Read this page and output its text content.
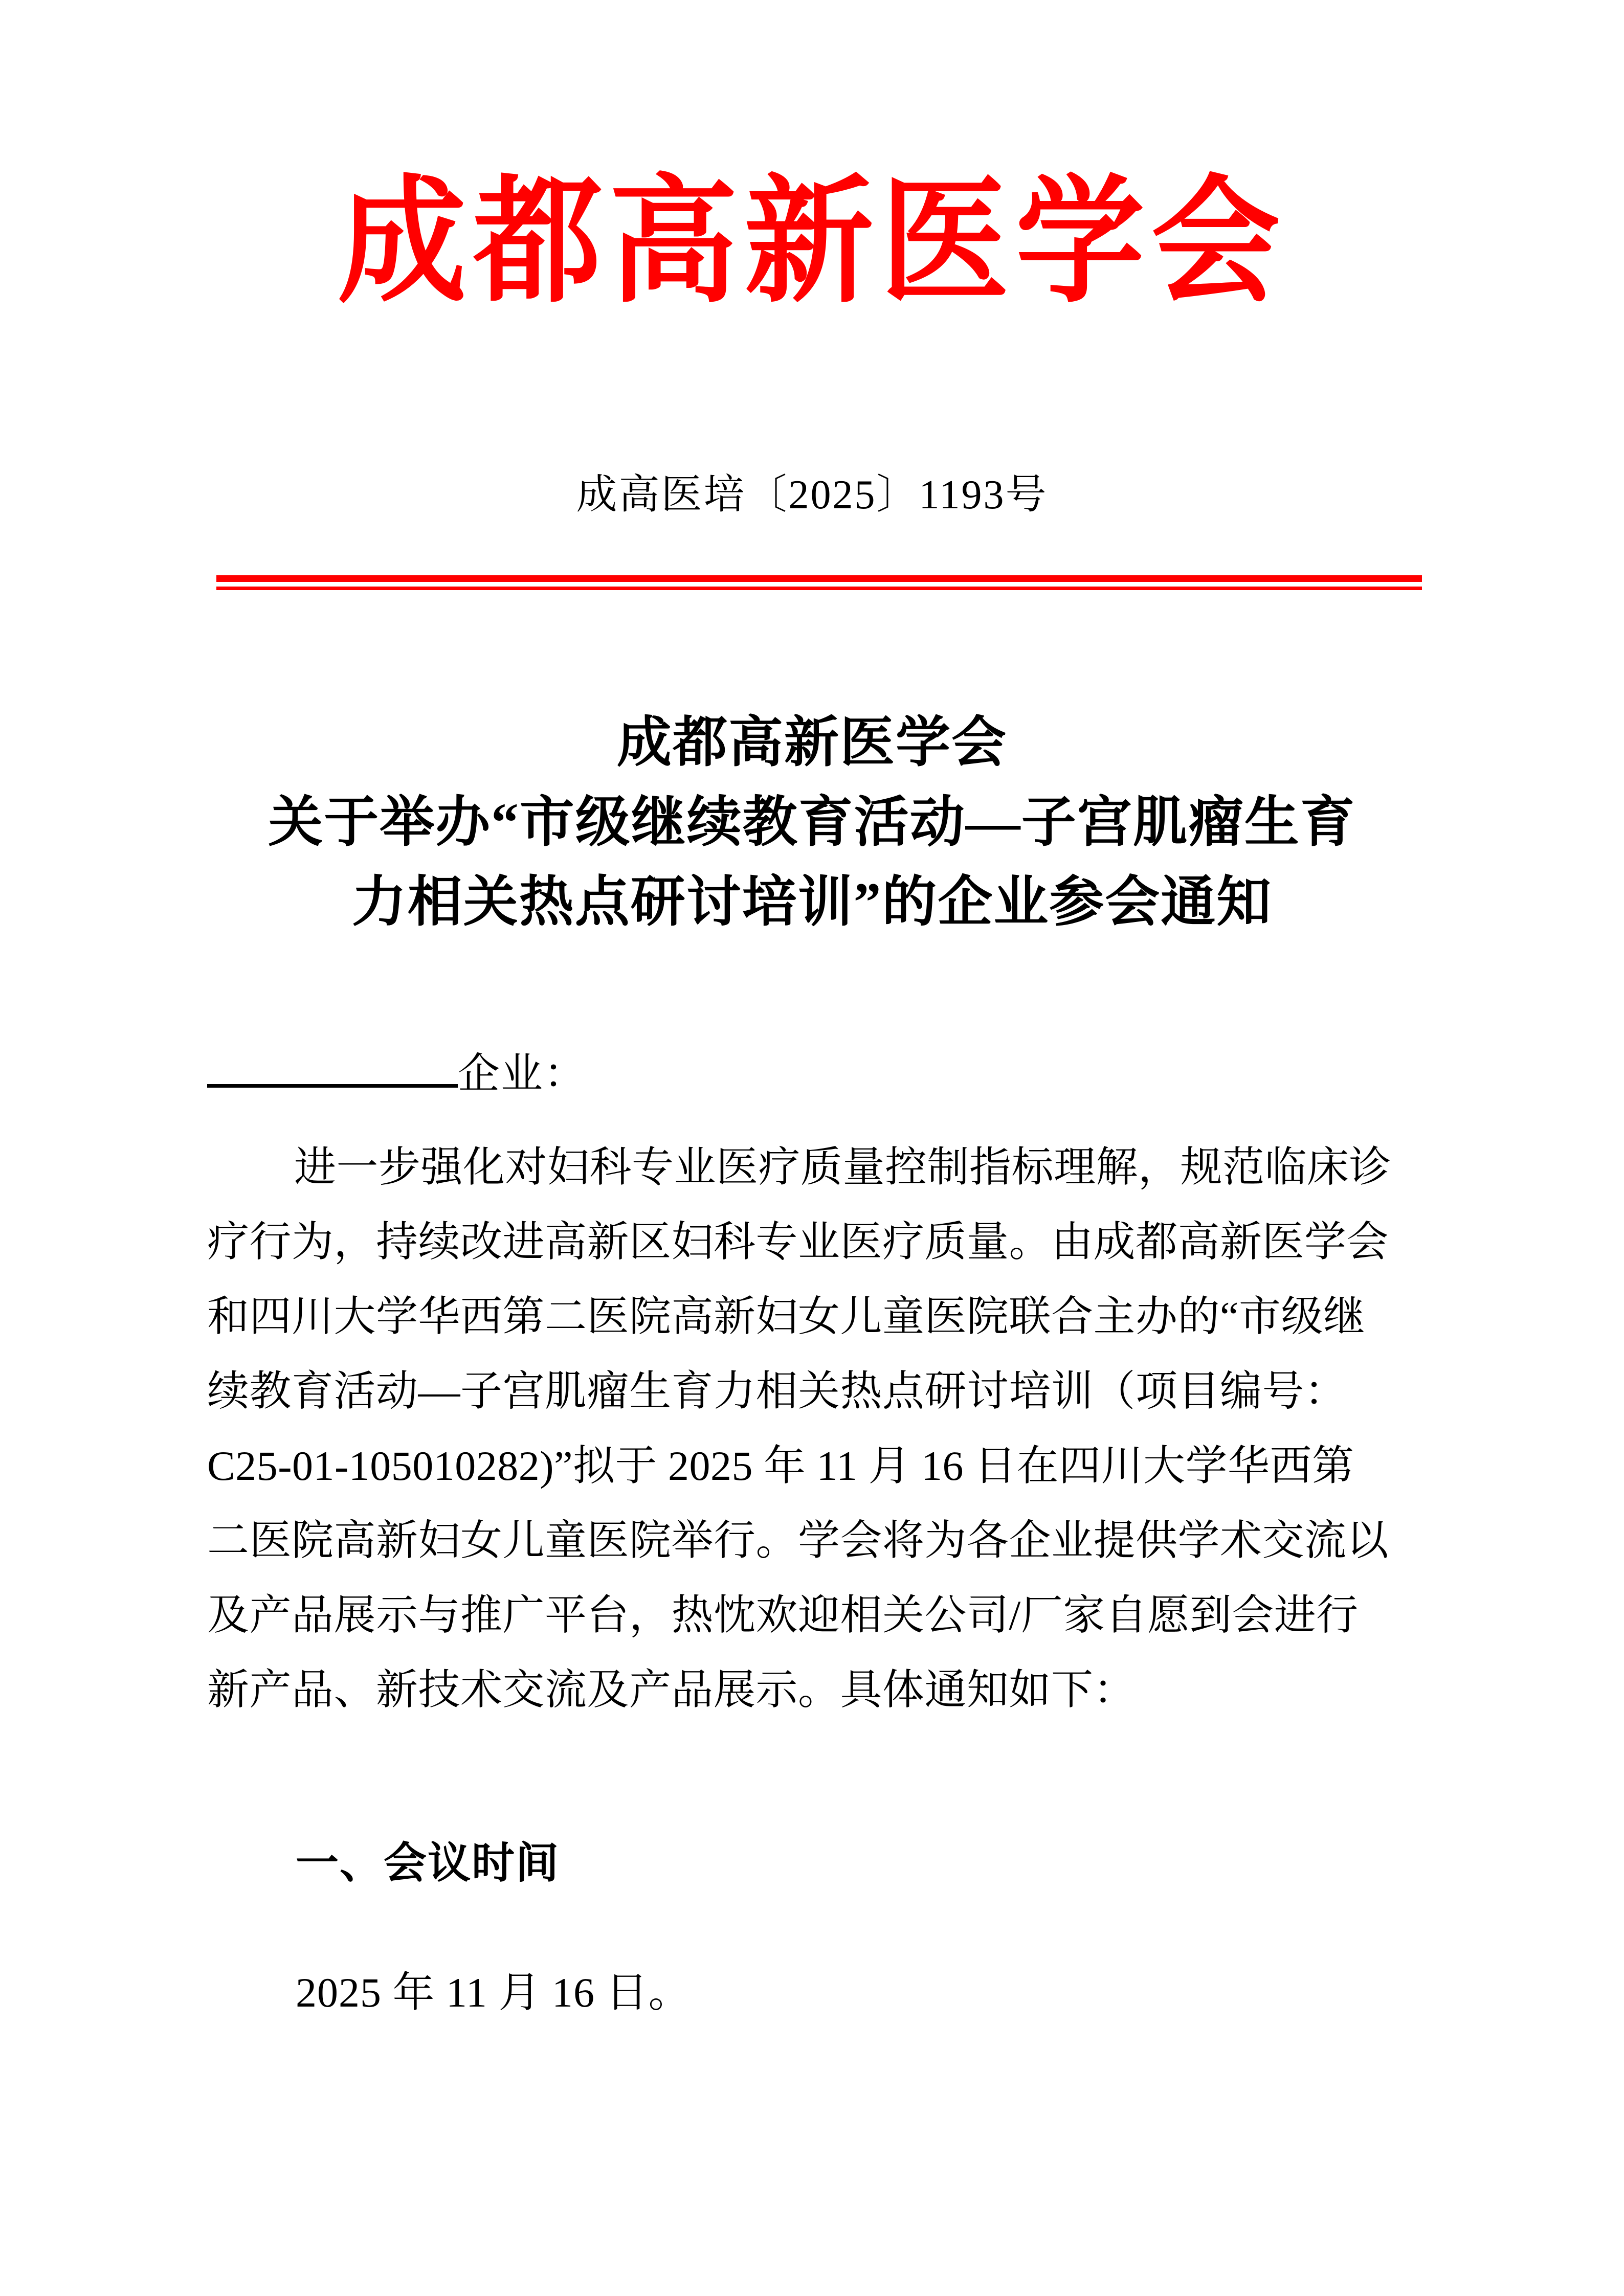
成都高新医学会
成高医培〔2025〕1193号
成都高新医学会
关于举办“市级继续教育活动—子宫肌瘤生育
力相关热点研讨培训”的企业参会通知
企业：
进一步强化对妇科专业医疗质量控制指标理解，规范临床诊
疗行为，持续改进高新区妇科专业医疗质量。由成都高新医学会
和四川大学华西第二医院高新妇女儿童医院联合主办的“市级继
续教育活动—子宫肌瘤生育力相关热点研讨培训（项目编号：
C25-01-105010282)”拟于 2025 年 11 月 16 日在四川大学华西第
二医院高新妇女儿童医院举行。学会将为各企业提供学术交流以
及产品展示与推广平台，热忱欢迎相关公司/厂家自愿到会进行
新产品、新技术交流及产品展示。具体通知如下：
一、会议时间
2025 年 11 月 16 日。
